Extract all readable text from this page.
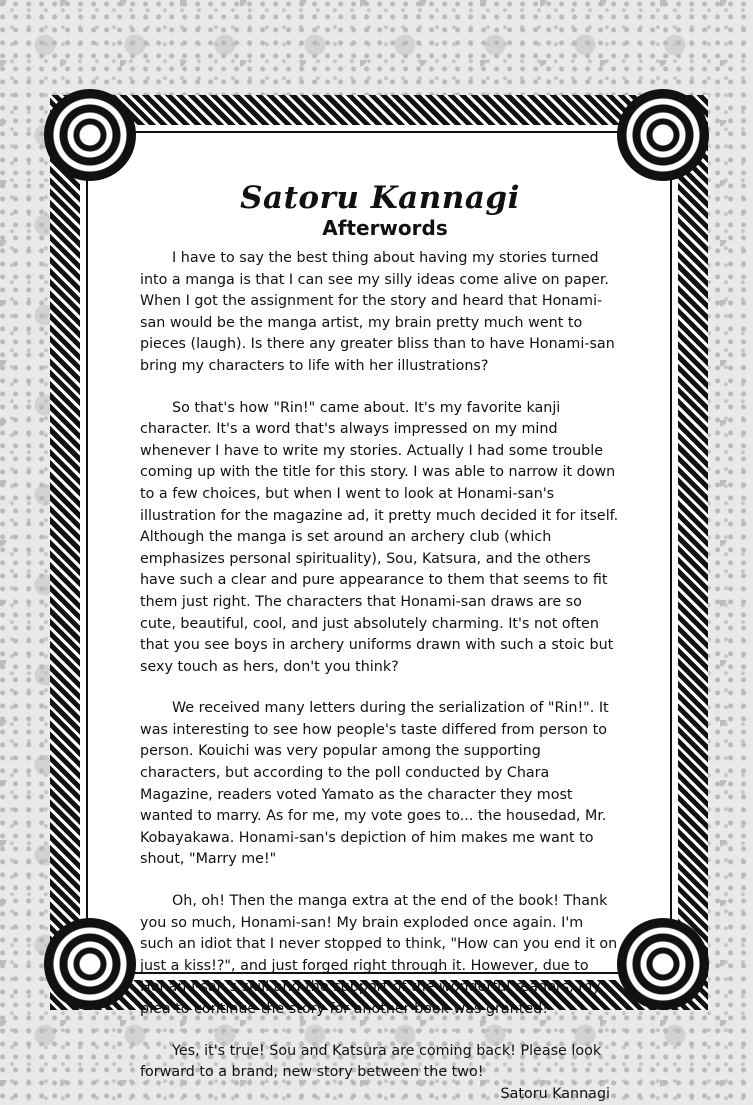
Satoru Kannagi
Afterwords

I have to say the best thing about having my stories turned into a manga is that I can see my silly ideas come alive on paper. When I got the assignment for the story and heard that Honami-san would be the manga artist, my brain pretty much went to pieces (laugh). Is there any greater bliss than to have Honami-san bring my characters to life with her illustrations?

So that's how "Rin!" came about. It's my favorite kanji character. It's a word that's always impressed on my mind whenever I have to write my stories. Actually I had some trouble coming up with the title for this story. I was able to narrow it down to a few choices, but when I went to look at Honami-san's illustration for the magazine ad, it pretty much decided it for itself. Although the manga is set around an archery club (which emphasizes personal spirituality), Sou, Katsura, and the others have such a clear and pure appearance to them that seems to fit them just right. The characters that Honami-san draws are so cute, beautiful, cool, and just absolutely charming. It's not often that you see boys in archery uniforms drawn with such a stoic but sexy touch as hers, don't you think?

We received many letters during the serialization of "Rin!". It was interesting to see how people's taste differed from person to person. Kouichi was very popular among the supporting characters, but according to the poll conducted by Chara Magazine, readers voted Yamato as the character they most wanted to marry. As for me, my vote goes to... the housedad, Mr. Kobayakawa. Honami-san's depiction of him makes me want to shout, "Marry me!"

Oh, oh! Then the manga extra at the end of the book! Thank you so much, Honami-san! My brain exploded once again. I'm such an idiot that I never stopped to think, "How can you end it on just a kiss!?", and just forged right through it. However, due to Honami-san's skill and the support of the wonderful readers, my plea to continue the story for another book was granted!

Yes, it's true! Sou and Katsura are coming back! Please look forward to a brand, new story between the two!

Satoru Kannagi
